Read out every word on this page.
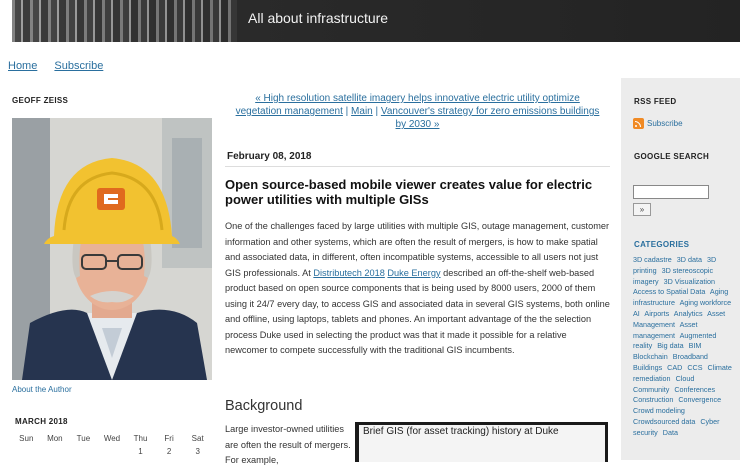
All about infrastructure
Home Subscribe
GEOFF ZEISS
About the Author
MARCH 2018
Sun	Mon	Tue	Wed	Thu	Fri	Sat
				1	2	3
« High resolution satellite imagery helps innovative electric utility optimize vegetation management | Main | Vancouver's strategy for zero emissions buildings by 2030 »
February 08, 2018
Open source-based mobile viewer creates value for electric power utilities with multiple GISs
One of the challenges faced by large utilities with multiple GIS, outage management, customer information and other systems, which are often the result of mergers, is how to make spatial and associated data, in different, often incompatible systems, accessible to all users not just GIS professionals. At Distributech 2018 Duke Energy described an off-the-shelf web-based product based on open source components that is being used by 8000 users, 2000 of them using it 24/7 every day, to access GIS and associated data in several GIS systems, both online and offline, using laptops, tablets and phones. An important advantage of the the selection process Duke used in selecting the product was that it made it possible for a relative newcomer to compete successfully with the traditional GIS incumbents.
Background
Large investor-owned utilities are often the result of mergers. For example,
Brief GIS (for asset tracking) history at Duke
RSS FEED
Subscribe
GOOGLE SEARCH
»
CATEGORIES
3D cadastre 3D data 3D printing 3D stereoscopic imagery 3D Visualization Access to Spatial Data Aging infrastructure Aging workforce AI Airports Analytics Asset Management Asset management Augmented reality Big data BIM Blockchain Broadband Buildings CAD CCS Climate remediation Cloud Community Conferences Construction Convergence Crowd modeling Crowdsourced data Cyber security Data
